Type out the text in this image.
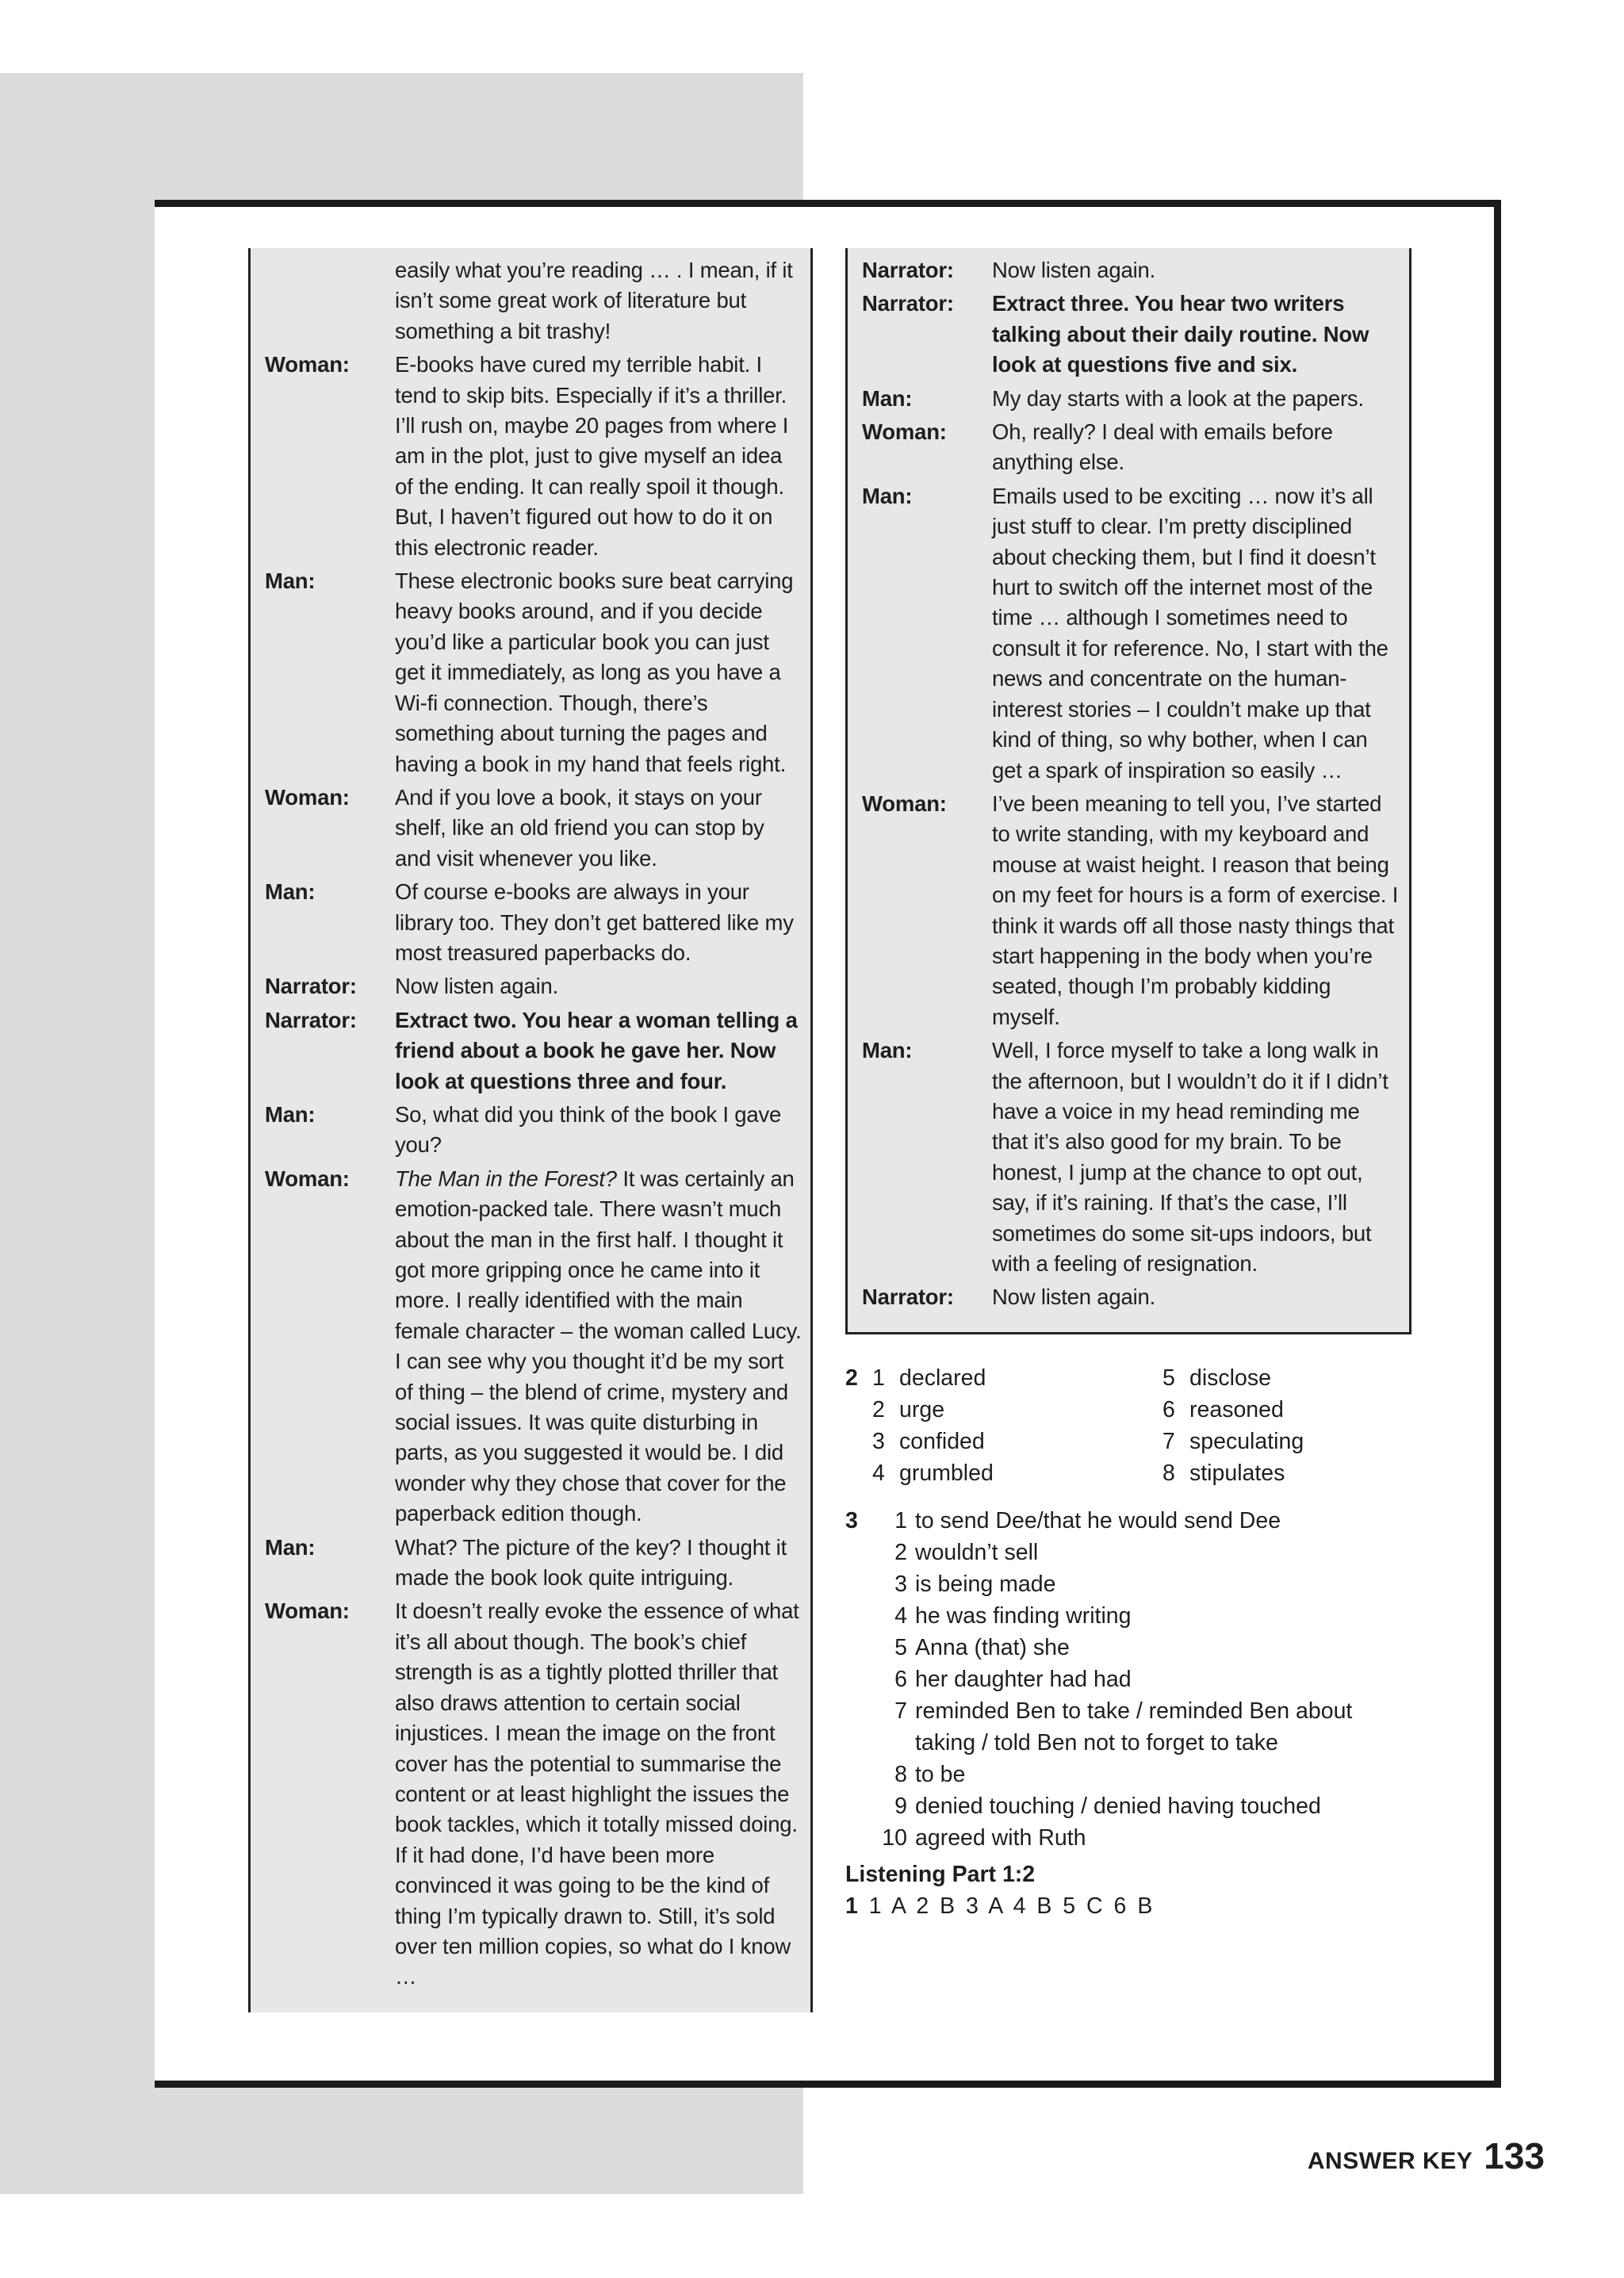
easily what you’re reading … . I mean, if it isn’t some great work of literature but something a bit trashy!
Woman:	E-books have cured my terrible habit. I tend to skip bits. Especially if it’s a thriller. I’ll rush on, maybe 20 pages from where I am in the plot, just to give myself an idea of the ending. It can really spoil it though. But, I haven’t figured out how to do it on this electronic reader.
Man:	These electronic books sure beat carrying heavy books around, and if you decide you’d like a particular book you can just get it immediately, as long as you have a Wi-fi connection. Though, there’s something about turning the pages and having a book in my hand that feels right.
Woman:	And if you love a book, it stays on your shelf, like an old friend you can stop by and visit whenever you like.
Man:	Of course e-books are always in your library too. They don’t get battered like my most treasured paperbacks do.
Narrator:	Now listen again.
Narrator:	Extract two. You hear a woman telling a friend about a book he gave her. Now look at questions three and four.
Man:	So, what did you think of the book I gave you?
Woman:	The Man in the Forest? It was certainly an emotion-packed tale. There wasn’t much about the man in the first half. I thought it got more gripping once he came into it more. I really identified with the main female character – the woman called Lucy. I can see why you thought it’d be my sort of thing – the blend of crime, mystery and social issues. It was quite disturbing in parts, as you suggested it would be. I did wonder why they chose that cover for the paperback edition though.
Man:	What? The picture of the key? I thought it made the book look quite intriguing.
Woman:	It doesn’t really evoke the essence of what it’s all about though. The book’s chief strength is as a tightly plotted thriller that also draws attention to certain social injustices. I mean the image on the front cover has the potential to summarise the content or at least highlight the issues the book tackles, which it totally missed doing. If it had done, I’d have been more convinced it was going to be the kind of thing I’m typically drawn to. Still, it’s sold over ten million copies, so what do I know …
Narrator:	Now listen again.
Narrator:	Extract three. You hear two writers talking about their daily routine. Now look at questions five and six.
Man:	My day starts with a look at the papers.
Woman:	Oh, really? I deal with emails before anything else.
Man:	Emails used to be exciting … now it’s all just stuff to clear. I’m pretty disciplined about checking them, but I find it doesn’t hurt to switch off the internet most of the time … although I sometimes need to consult it for reference. No, I start with the news and concentrate on the human-interest stories – I couldn’t make up that kind of thing, so why bother, when I can get a spark of inspiration so easily …
Woman:	I’ve been meaning to tell you, I’ve started to write standing, with my keyboard and mouse at waist height. I reason that being on my feet for hours is a form of exercise. I think it wards off all those nasty things that start happening in the body when you’re seated, though I’m probably kidding myself.
Man:	Well, I force myself to take a long walk in the afternoon, but I wouldn’t do it if I didn’t have a voice in my head reminding me that it’s also good for my brain. To be honest, I jump at the chance to opt out, say, if it’s raining. If that’s the case, I’ll sometimes do some sit-ups indoors, but with a feeling of resignation.
Narrator:	Now listen again.
2 1 declared
2 urge
3 confided
4 grumbled
5 disclose
6 reasoned
7 speculating
8 stipulates
3	1 to send Dee/that he would send Dee
2 wouldn’t sell
3 is being made
4 he was finding writing
5 Anna (that) she
6 her daughter had had
7 reminded Ben to take / reminded Ben about taking / told Ben not to forget to take
8 to be
9 denied touching / denied having touched
10 agreed with Ruth
Listening Part 1:2
1 1 A 2 B 3 A 4 B 5 C 6 B
ANSWER KEY 133
